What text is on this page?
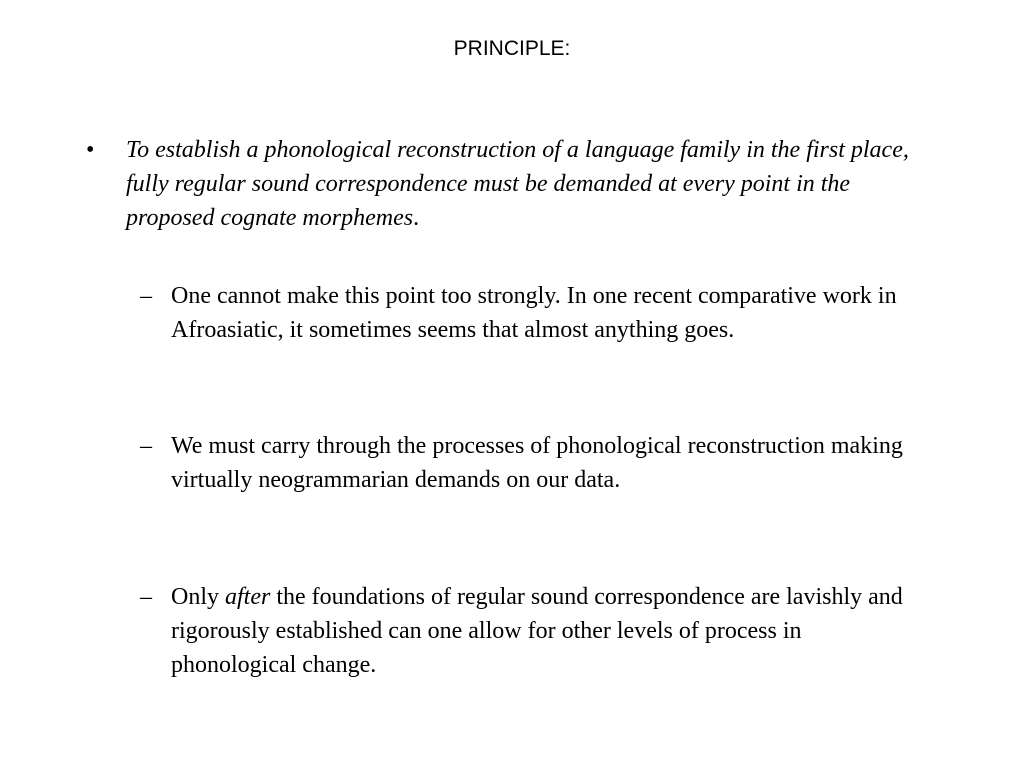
PRINCIPLE:
•	To establish a phonological reconstruction of a language family in the first place, fully regular sound correspondence must be demanded at every point in the proposed cognate morphemes.
– One cannot make this point too strongly. In one recent comparative work in Afroasiatic, it sometimes seems that almost anything goes.
– We must carry through the processes of phonological reconstruction making virtually neogrammarian demands on our data.
– Only after the foundations of regular sound correspondence are lavishly and rigorously established can one allow for other levels of process in phonological change.
